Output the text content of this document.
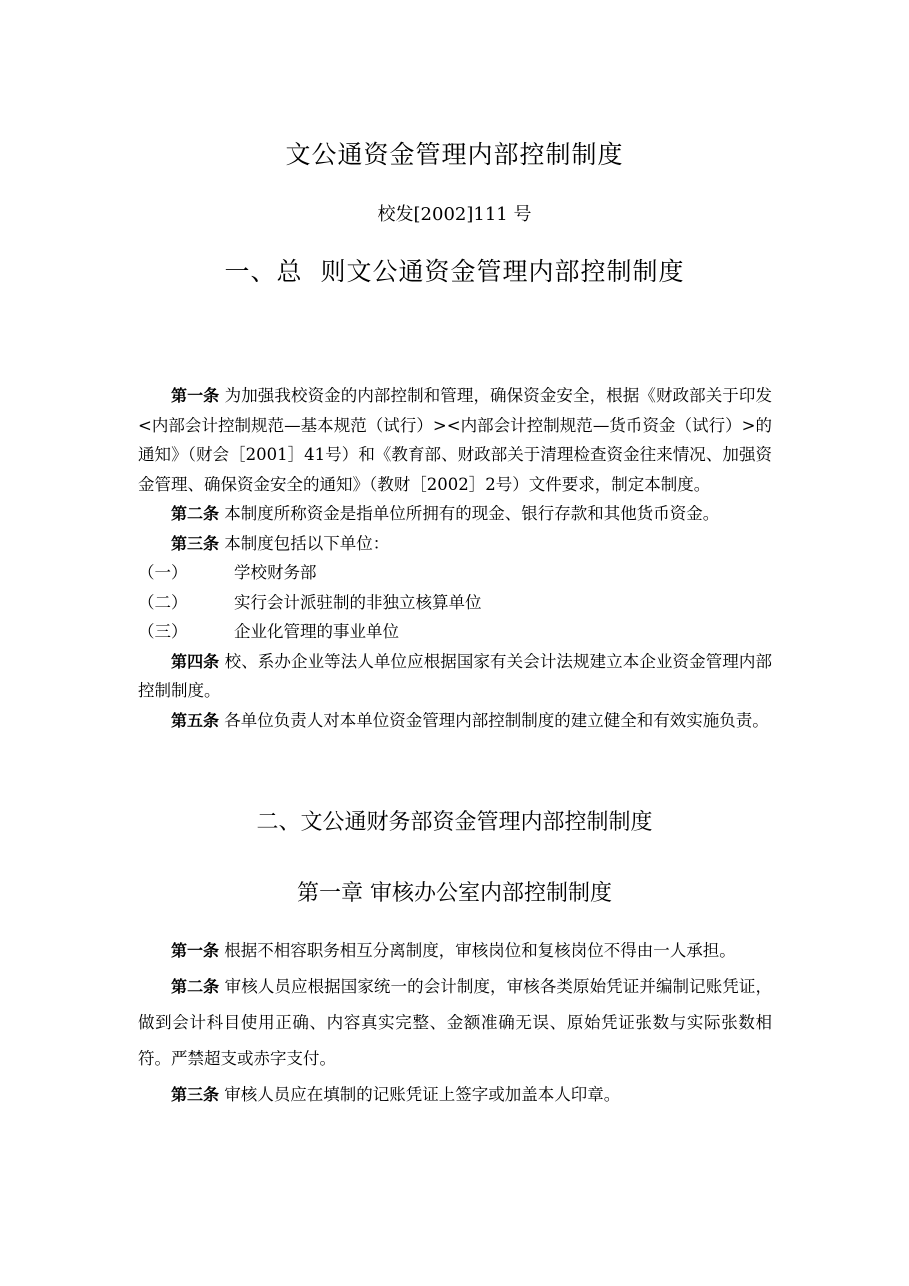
文公通资金管理内部控制制度
校发[2002]111 号
一、总  则文公通资金管理内部控制制度

第一条 为加强我校资金的内部控制和管理，确保资金安全，根据《财政部关于印发<内部会计控制规范—基本规范（试行）><内部会计控制规范—货币资金（试行）>的通知》（财会［2001］41号）和《教育部、财政部关于清理检查资金往来情况、加强资金管理、确保资金安全的通知》（教财［2002］2号）文件要求，制定本制度。

第二条 本制度所称资金是指单位所拥有的现金、银行存款和其他货币资金。

第三条 本制度包括以下单位：

（一）	学校财务部

（二）	实行会计派驻制的非独立核算单位

（三）	企业化管理的事业单位

第四条 校、系办企业等法人单位应根据国家有关会计法规建立本企业资金管理内部控制制度。

第五条 各单位负责人对本单位资金管理内部控制制度的建立健全和有效实施负责。

二、文公通财务部资金管理内部控制制度
第一章 审核办公室内部控制制度

第一条 根据不相容职务相互分离制度，审核岗位和复核岗位不得由一人承担。

第二条 审核人员应根据国家统一的会计制度，审核各类原始凭证并编制记账凭证，做到会计科目使用正确、内容真实完整、金额准确无误、原始凭证张数与实际张数相符。严禁超支或赤字支付。

第三条 审核人员应在填制的记账凭证上签字或加盖本人印章。
